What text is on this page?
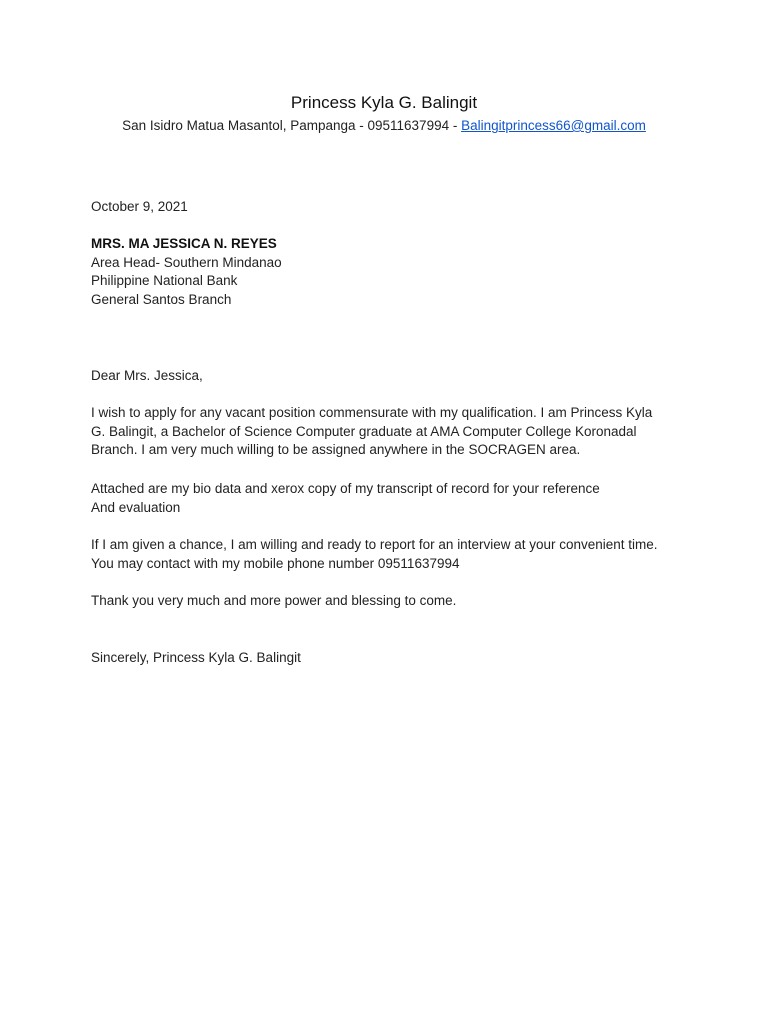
Princess Kyla G. Balingit
San Isidro Matua Masantol, Pampanga - 09511637994 - Balingitprincess66@gmail.com
October 9, 2021
MRS. MA JESSICA N. REYES
Area Head- Southern Mindanao
Philippine National Bank
General Santos Branch
Dear Mrs. Jessica,
I wish to apply for any vacant position commensurate with my qualification. I am Princess Kyla
G. Balingit, a Bachelor of Science Computer graduate at AMA Computer College Koronadal
Branch. I am very much willing to be assigned anywhere in the SOCRAGEN area.
Attached are my bio data and xerox copy of my transcript of record for your reference
And evaluation
If I am given a chance, I am willing and ready to report for an interview at your convenient time.
You may contact with my mobile phone number 09511637994
Thank you very much and more power and blessing to come.
Sincerely, Princess Kyla G. Balingit
